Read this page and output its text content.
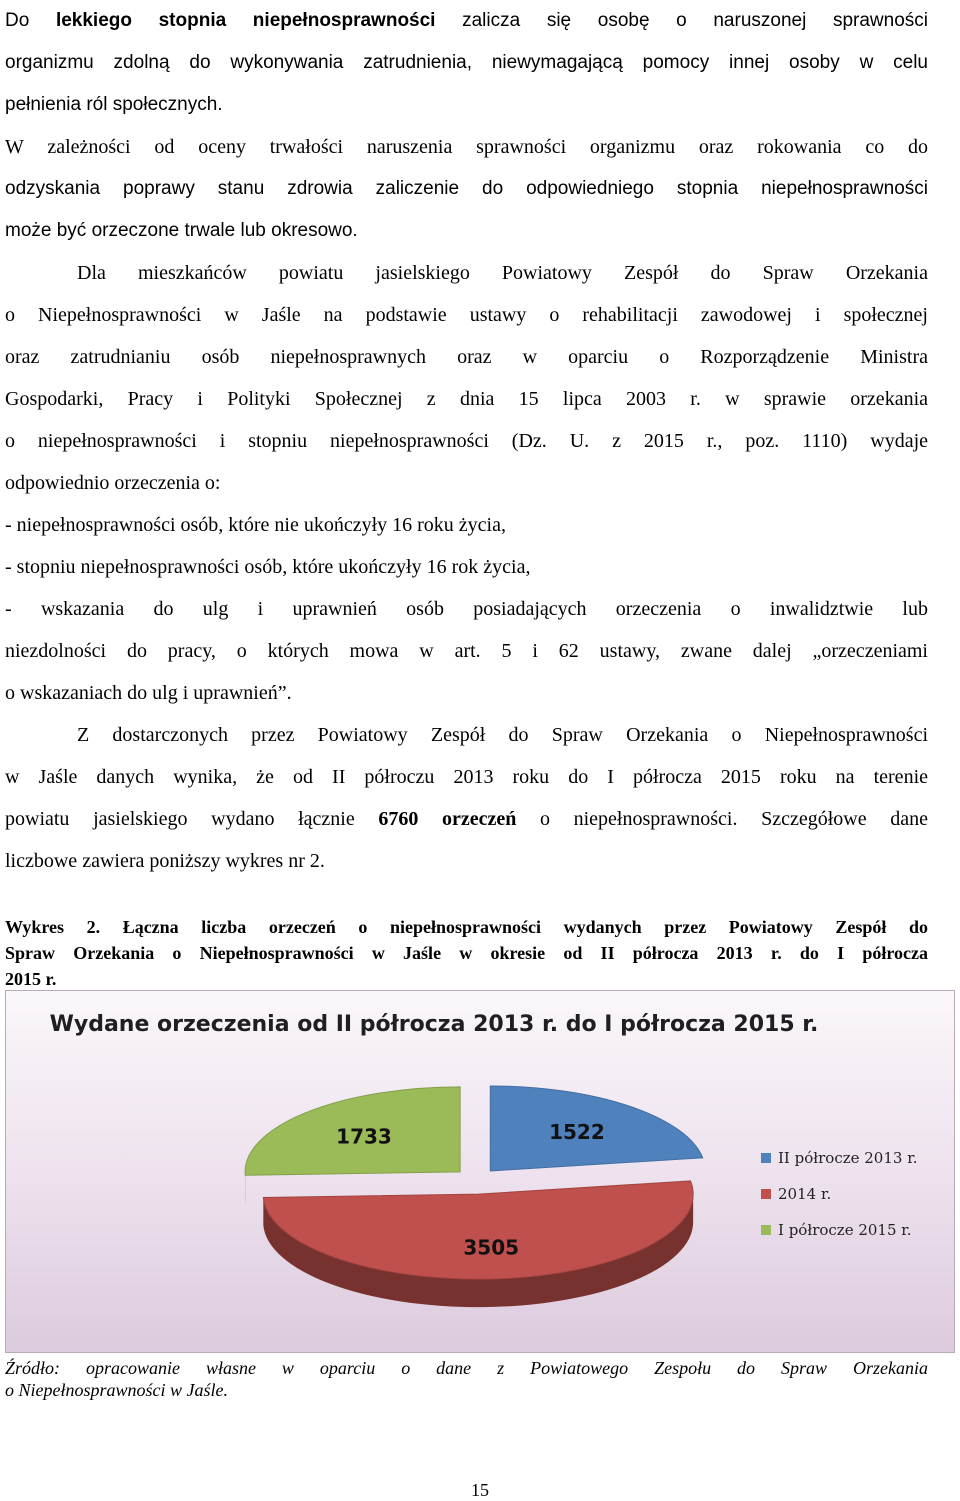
Do lekkiego stopnia niepełnosprawności zalicza się osobę o naruszonej sprawności
organizmu zdolną do wykonywania zatrudnienia, niewymagającą pomocy innej osoby w celu
pełnienia ról społecznych.
W zależności od oceny trwałości naruszenia sprawności organizmu oraz rokowania co do
odzyskania poprawy stanu zdrowia zaliczenie do odpowiedniego stopnia niepełnosprawności
może być orzeczone trwale lub okresowo.
Dla mieszkańców powiatu jasielskiego Powiatowy Zespół do Spraw Orzekania
o Niepełnosprawności w Jaśle na podstawie ustawy o rehabilitacji zawodowej i społecznej
oraz zatrudnianiu osób niepełnosprawnych oraz w oparciu o Rozporządzenie Ministra
Gospodarki, Pracy i Polityki Społecznej z dnia 15 lipca 2003 r. w sprawie orzekania
o niepełnosprawności i stopniu niepełnosprawności (Dz. U. z 2015 r., poz. 1110) wydaje
odpowiednio orzeczenia o:
- niepełnosprawności osób, które nie ukończyły 16 roku życia,
- stopniu niepełnosprawności osób, które ukończyły 16 rok życia,
- wskazania do ulg i uprawnień osób posiadających orzeczenia o inwalidztwie lub
niezdolności do pracy, o których mowa w art. 5 i 62 ustawy, zwane dalej „orzeczeniami
o wskazaniach do ulg i uprawnień”.
Z dostarczonych przez Powiatowy Zespół do Spraw Orzekania o Niepełnosprawności
w Jaśle danych wynika, że od II półroczu 2013 roku do I półrocza 2015 roku na terenie
powiatu jasielskiego wydano łącznie 6760 orzeczeń o niepełnosprawności. Szczegółowe dane
liczbowe zawiera poniższy wykres nr 2.
Wykres 2. Łączna liczba orzeczeń o niepełnosprawności wydanych przez Powiatowy Zespół do
Spraw Orzekania o Niepełnosprawności w Jaśle w okresie od II półrocza 2013 r. do I półrocza
2015 r.
Wydane orzeczenia od II półrocza 2013 r. do I półrocza 2015 r.
1522
3505
1733
II półrocze 2013 r.
2014 r.
I półrocze 2015 r.
Źródło: opracowanie własne w oparciu o dane z Powiatowego Zespołu do Spraw Orzekania
o Niepełnosprawności w Jaśle.
15
